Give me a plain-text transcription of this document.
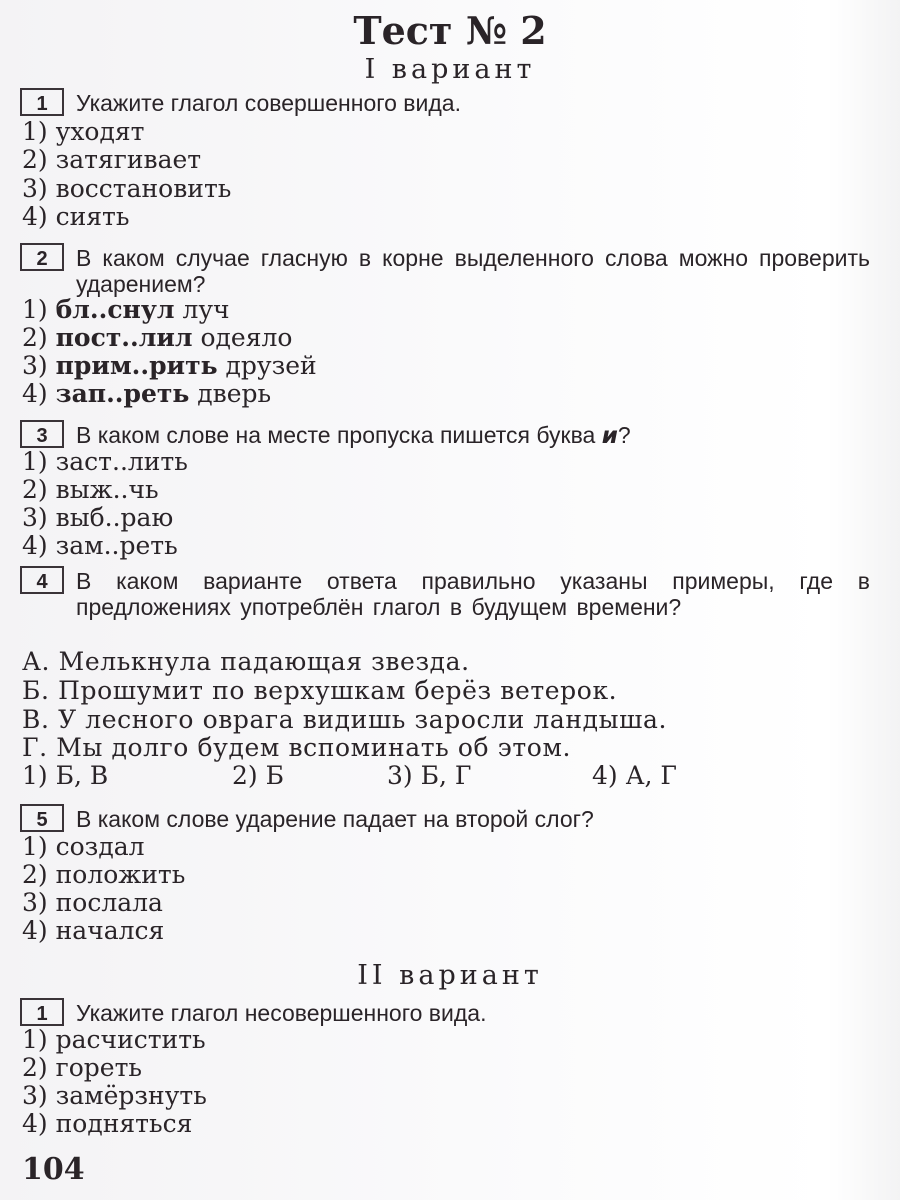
Тест № 2
I вариант
1	Укажите глагол совершенного вида.
1) уходят
2) затягивает
3) восстановить
4) сиять
2	В каком случае гласную в корне выделенного слова можно проверить ударением?
1) бл..снул луч
2) пост..лил одеяло
3) прим..рить друзей
4) зап..реть дверь
3	В каком слове на месте пропуска пишется буква и?
1) заст..лить
2) выж..чь
3) выб..раю
4) зам..реть
4	В каком варианте ответа правильно указаны примеры, где в предложениях употреблён глагол в будущем времени?
А. Мелькнула падающая звезда.
Б. Прошумит по верхушкам берёз ветерок.
В. У лесного оврага видишь заросли ландыша.
Г. Мы долго будем вспоминать об этом.
1) Б, В	2) Б	3) Б, Г	4) А, Г
5	В каком слове ударение падает на второй слог?
1) создал
2) положить
3) послала
4) начался
II вариант
1	Укажите глагол несовершенного вида.
1) расчистить
2) гореть
3) замёрзнуть
4) подняться
104
